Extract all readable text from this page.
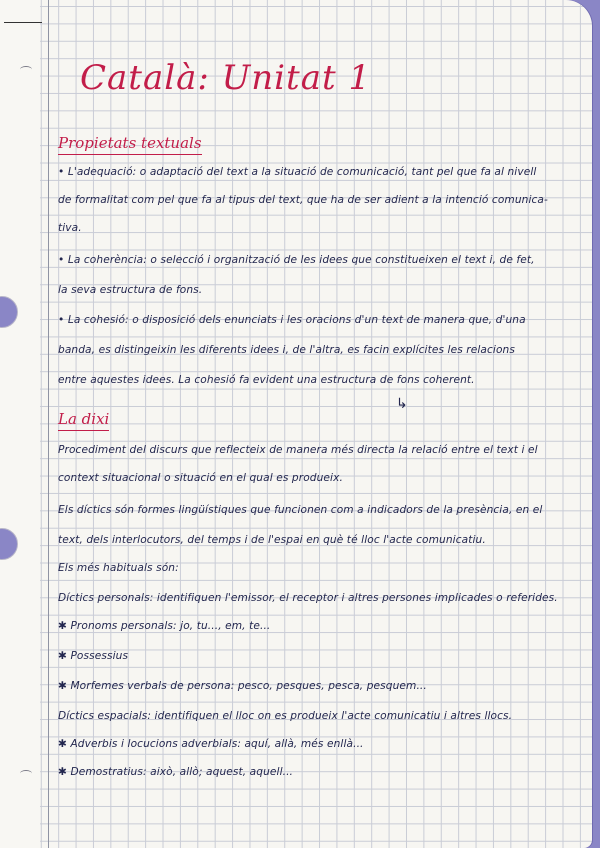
Català: Unitat 1
Propietats textuals
• L'adequació: o adaptació del text a la situació de comunicació, tant pel que fa al nivell
de formalitat com pel que fa al tipus del text, que ha de ser adient a la intenció comunica-
tiva.
• La coherència: o selecció i organització de les idees que constitueixen el text i, de fet,
la seva estructura de fons.
• La cohesió: o disposició dels enunciats i les oracions d'un text de manera que, d'una
banda, es distingeixin les diferents idees i, de l'altra, es facin explícites les relacions
entre aquestes idees. La cohesió fa evident una estructura de fons coherent.
↳
La dixi
Procediment del discurs que reflecteix de manera més directa la relació entre el text i el
context situacional o situació en el qual es produeix.
Els díctics són formes lingüístiques que funcionen com a indicadors de la presència, en el
text, dels interlocutors, del temps i de l'espai en què té lloc l'acte comunicatiu.
Els més habituals són:
Díctics personals: identifiquen l'emissor, el receptor i altres persones implicades o referides.
✱ Pronoms personals: jo, tu..., em, te...
✱ Possessius
✱ Morfemes verbals de persona: pesco, pesques, pesca, pesquem...
Díctics espacials: identifiquen el lloc on es produeix l'acte comunicatiu i altres llocs.
✱ Adverbis i locucions adverbials: aquí, allà, més enllà...
✱ Demostratius: això, allò; aquest, aquell...
